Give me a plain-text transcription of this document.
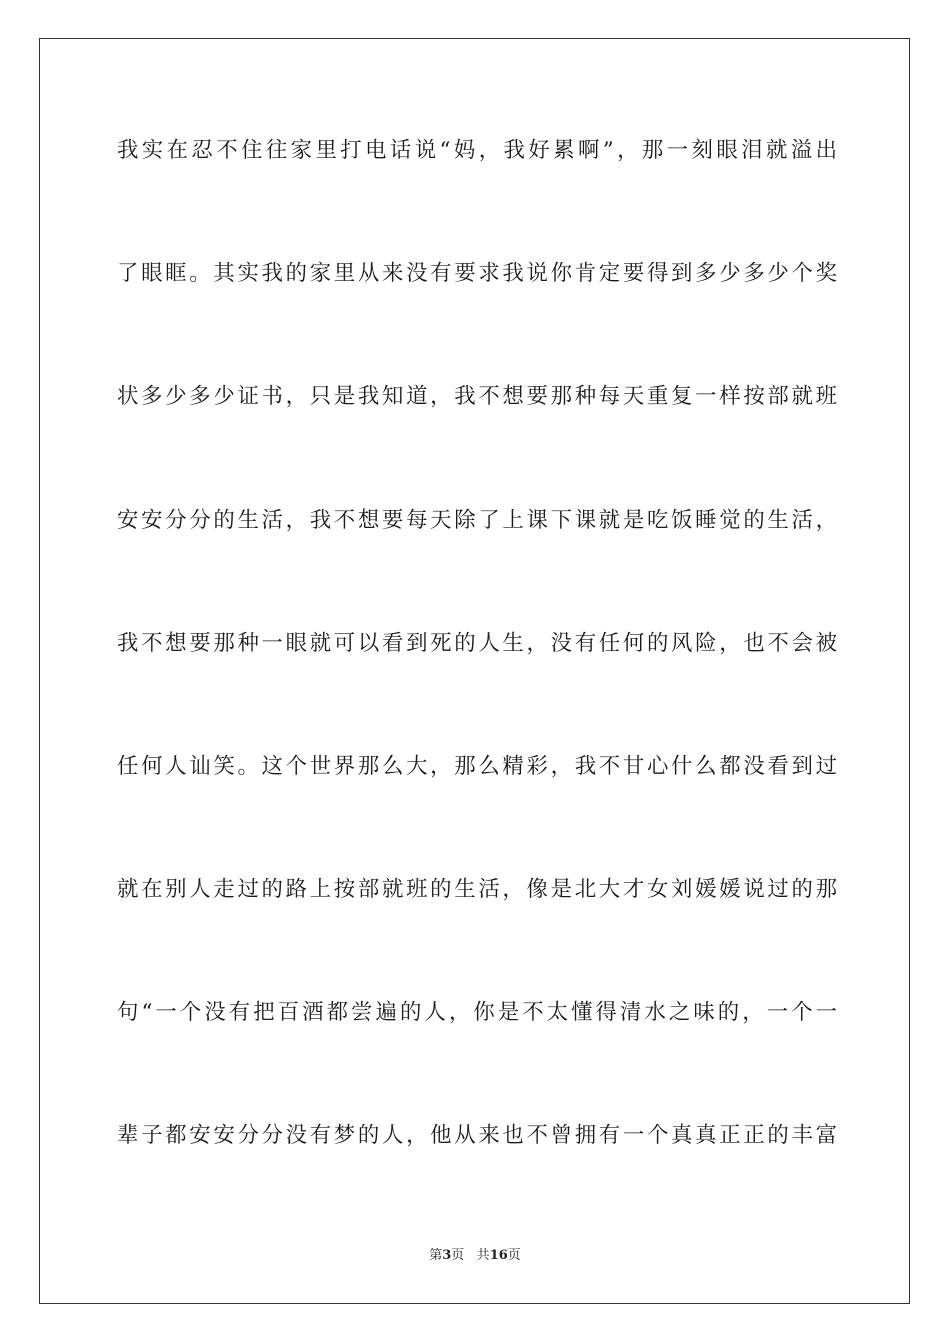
我实在忍不住往家里打电话说“妈，我好累啊”，那一刻眼泪就溢出
了眼眶。其实我的家里从来没有要求我说你肯定要得到多少多少个奖
状多少多少证书，只是我知道，我不想要那种每天重复一样按部就班
安安分分的生活，我不想要每天除了上课下课就是吃饭睡觉的生活，
我不想要那种一眼就可以看到死的人生，没有任何的风险，也不会被
任何人讪笑。这个世界那么大，那么精彩，我不甘心什么都没看到过
就在别人走过的路上按部就班的生活，像是北大才女刘媛媛说过的那
句“一个没有把百酒都尝遍的人，你是不太懂得清水之味的，一个一
辈子都安安分分没有梦的人，他从来也不曾拥有一个真真正正的丰富
第3页 共16页
